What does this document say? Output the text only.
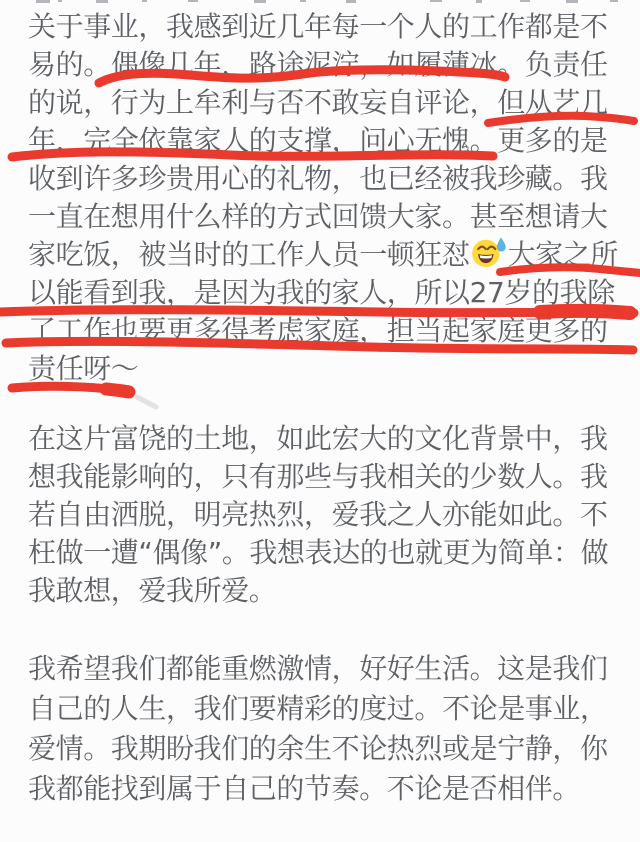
关于事业，我感到近几年每一个人的工作都是不
易的。偶像几年，路途泥泞，如履薄冰。负责任
的说，行为上牟利与否不敢妄自评论，但从艺几
年，完全依靠家人的支撑，问心无愧。更多的是
收到许多珍贵用心的礼物，也已经被我珍藏。我
一直在想用什么样的方式回馈大家。甚至想请大
家吃饭，被当时的工作人员一顿狂怼 大家之所
以能看到我，是因为我的家人，所以27岁的我除
了工作也要更多得考虑家庭，担当起家庭更多的
责任呀～
在这片富饶的土地，如此宏大的文化背景中，我
想我能影响的，只有那些与我相关的少数人。我
若自由洒脱，明亮热烈，爱我之人亦能如此。不
枉做一遭“偶像”。我想表达的也就更为简单：做
我敢想，爱我所爱。
我希望我们都能重燃激情，好好生活。这是我们
自己的人生，我们要精彩的度过。不论是事业，
爱情。我期盼我们的余生不论热烈或是宁静，你
我都能找到属于自己的节奏。不论是否相伴。
